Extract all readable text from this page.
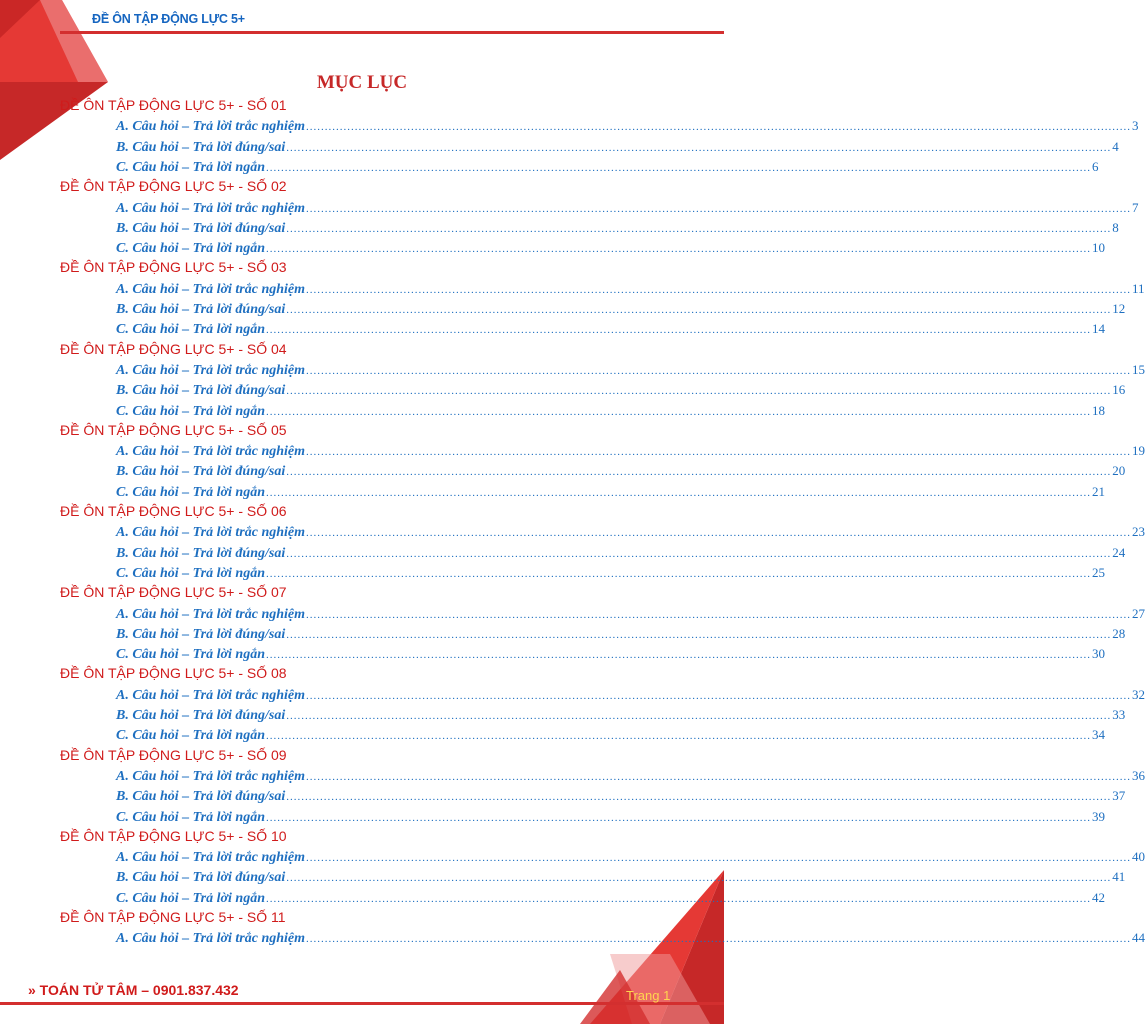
ĐỀ ÔN TẬP ĐỘNG LỰC 5+
MỤC LỤC
ĐỀ ÔN TẬP ĐỘNG LỰC 5+ - SỐ 01
A. Câu hỏi – Trả lời trắc nghiệm ............................................................................................................................................................................................................................ 3
B. Câu hỏi – Trả lời đúng/sai ............................................................................................................................................................................................................................ 4
C. Câu hỏi – Trả lời ngắn ............................................................................................................................................................................................................................ 6
ĐỀ ÔN TẬP ĐỘNG LỰC 5+ - SỐ 02
A. Câu hỏi – Trả lời trắc nghiệm ............................................................................................................................................................................................................................ 7
B. Câu hỏi – Trả lời đúng/sai ............................................................................................................................................................................................................................ 8
C. Câu hỏi – Trả lời ngắn ............................................................................................................................................................................................................................ 10
ĐỀ ÔN TẬP ĐỘNG LỰC 5+ - SỐ 03
A. Câu hỏi – Trả lời trắc nghiệm ............................................................................................................................................................................................................................ 11
B. Câu hỏi – Trả lời đúng/sai ............................................................................................................................................................................................................................ 12
C. Câu hỏi – Trả lời ngắn ............................................................................................................................................................................................................................ 14
ĐỀ ÔN TẬP ĐỘNG LỰC 5+ - SỐ 04
A. Câu hỏi – Trả lời trắc nghiệm ............................................................................................................................................................................................................................ 15
B. Câu hỏi – Trả lời đúng/sai ............................................................................................................................................................................................................................ 16
C. Câu hỏi – Trả lời ngắn ............................................................................................................................................................................................................................ 18
ĐỀ ÔN TẬP ĐỘNG LỰC 5+ - SỐ 05
A. Câu hỏi – Trả lời trắc nghiệm ............................................................................................................................................................................................................................ 19
B. Câu hỏi – Trả lời đúng/sai ............................................................................................................................................................................................................................ 20
C. Câu hỏi – Trả lời ngắn ............................................................................................................................................................................................................................ 21
ĐỀ ÔN TẬP ĐỘNG LỰC 5+ - SỐ 06
A. Câu hỏi – Trả lời trắc nghiệm ............................................................................................................................................................................................................................ 23
B. Câu hỏi – Trả lời đúng/sai ............................................................................................................................................................................................................................ 24
C. Câu hỏi – Trả lời ngắn ............................................................................................................................................................................................................................ 25
ĐỀ ÔN TẬP ĐỘNG LỰC 5+ - SỐ 07
A. Câu hỏi – Trả lời trắc nghiệm ............................................................................................................................................................................................................................ 27
B. Câu hỏi – Trả lời đúng/sai ............................................................................................................................................................................................................................ 28
C. Câu hỏi – Trả lời ngắn ............................................................................................................................................................................................................................ 30
ĐỀ ÔN TẬP ĐỘNG LỰC 5+ - SỐ 08
A. Câu hỏi – Trả lời trắc nghiệm ............................................................................................................................................................................................................................ 32
B. Câu hỏi – Trả lời đúng/sai ............................................................................................................................................................................................................................ 33
C. Câu hỏi – Trả lời ngắn ............................................................................................................................................................................................................................ 34
ĐỀ ÔN TẬP ĐỘNG LỰC 5+ - SỐ 09
A. Câu hỏi – Trả lời trắc nghiệm ............................................................................................................................................................................................................................ 36
B. Câu hỏi – Trả lời đúng/sai ............................................................................................................................................................................................................................ 37
C. Câu hỏi – Trả lời ngắn ............................................................................................................................................................................................................................ 39
ĐỀ ÔN TẬP ĐỘNG LỰC 5+ - SỐ 10
A. Câu hỏi – Trả lời trắc nghiệm ............................................................................................................................................................................................................................ 40
B. Câu hỏi – Trả lời đúng/sai ............................................................................................................................................................................................................................ 41
C. Câu hỏi – Trả lời ngắn ............................................................................................................................................................................................................................ 42
ĐỀ ÔN TẬP ĐỘNG LỰC 5+ - SỐ 11
A. Câu hỏi – Trả lời trắc nghiệm ............................................................................................................................................................................................................................ 44
» TOÁN TỬ TÂM – 0901.837.432	Trang 1
